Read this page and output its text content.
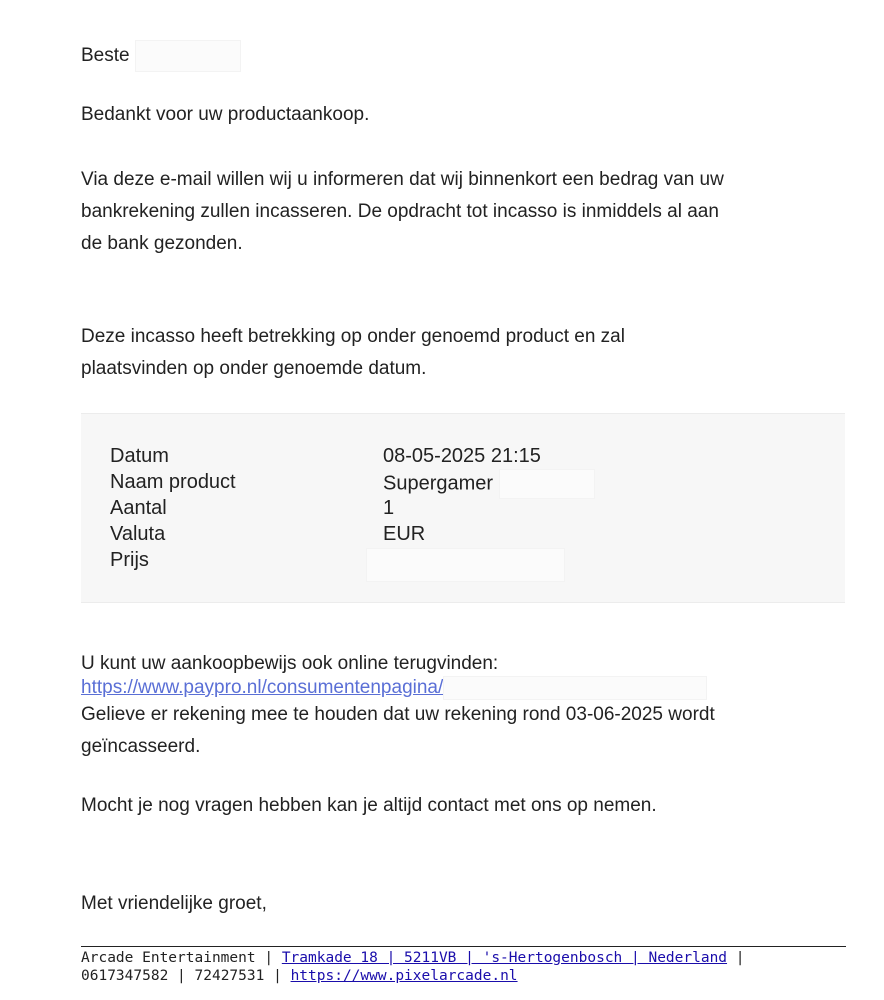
Beste

Bedankt voor uw productaankoop.

Via deze e-mail willen wij u informeren dat wij binnenkort een bedrag van uw bankrekening zullen incasseren. De opdracht tot incasso is inmiddels al aan de bank gezonden.

Deze incasso heeft betrekking op onder genoemd product en zal plaatsvinden op onder genoemde datum.

Datum	08-05-2025 21:15
Naam product	Supergamer
Aantal	1
Valuta	EUR
Prijs

U kunt uw aankoopbewijs ook online terugvinden:

https://www.paypro.nl/consumentenpagina/

Gelieve er rekening mee te houden dat uw rekening rond 03-06-2025 wordt geïncasseerd.

Mocht je nog vragen hebben kan je altijd contact met ons op nemen.

Met vriendelijke groet,

Arcade Entertainment | Tramkade 18 | 5211VB | 's-Hertogenbosch | Nederland | 0617347582 | 72427531 | https://www.pixelarcade.nl
